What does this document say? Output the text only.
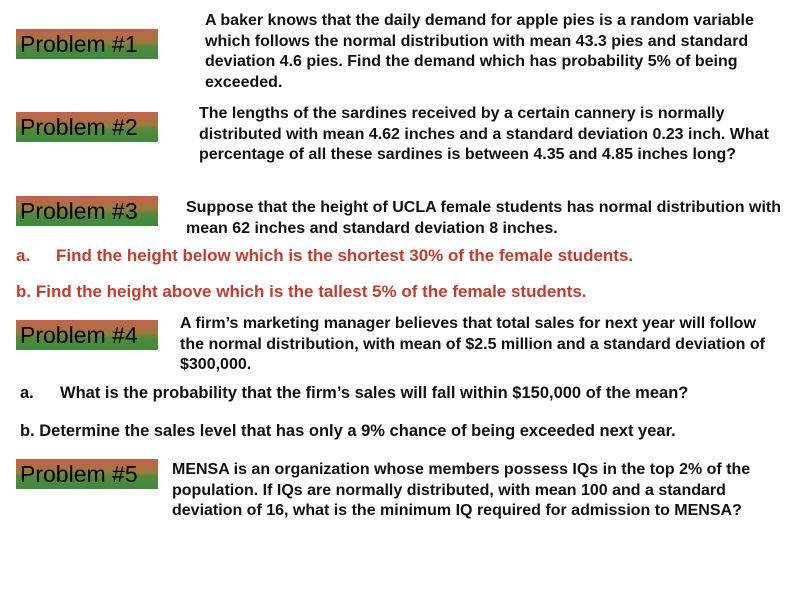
Problem #1
A baker knows that the daily demand for apple pies is a random variable which follows the normal distribution with mean 43.3 pies and standard deviation 4.6 pies. Find the demand which has probability 5% of being exceeded.
Problem #2
The lengths of the sardines received by a certain cannery is normally distributed with mean 4.62 inches and a standard deviation 0.23 inch. What percentage of all these sardines is between 4.35 and 4.85 inches long?
Problem #3	Suppose that the height of UCLA female students has normal distribution with mean 62 inches and standard deviation 8 inches.
a. Find the height below which is the shortest 30% of the female students.
b. Find the height above which is the tallest 5% of the female students.
Problem #4	A firm’s marketing manager believes that total sales for next year will follow the normal distribution, with mean of $2.5 million and a standard deviation of $300,000.
a. What is the probability that the firm’s sales will fall within $150,000 of the mean?
b. Determine the sales level that has only a 9% chance of being exceeded next year.
Problem #5	MENSA is an organization whose members possess IQs in the top 2% of the population. If IQs are normally distributed, with mean 100 and a standard deviation of 16, what is the minimum IQ required for admission to MENSA?
